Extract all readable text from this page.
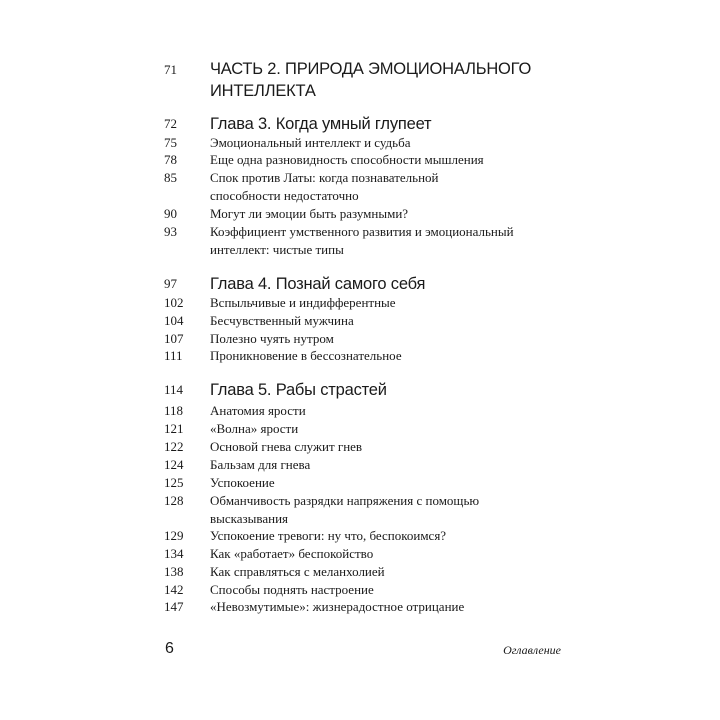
71	ЧАСТЬ 2. ПРИРОДА ЭМОЦИОНАЛЬНОГО ИНТЕЛЛЕКТА
72	Глава 3. Когда умный глупеет
75	Эмоциональный интеллект и судьба
78	Еще одна разновидность способности мышления
85	Спок против Латы: когда познавательной способности недостаточно
90	Могут ли эмоции быть разумными?
93	Коэффициент умственного развития и эмоциональный интеллект: чистые типы
97	Глава 4. Познай самого себя
102	Вспыльчивые и индифферентные
104	Бесчувственный мужчина
107	Полезно чуять нутром
111	Проникновение в бессознательное
114	Глава 5. Рабы страстей
118	Анатомия ярости
121	«Волна» ярости
122	Основой гнева служит гнев
124	Бальзам для гнева
125	Успокоение
128	Обманчивость разрядки напряжения с помощью высказывания
129	Успокоение тревоги: ну что, беспокоимся?
134	Как «работает» беспокойство
138	Как справляться с меланхолией
142	Способы поднять настроение
147	«Невозмутимые»: жизнерадостное отрицание
6	Оглавление
